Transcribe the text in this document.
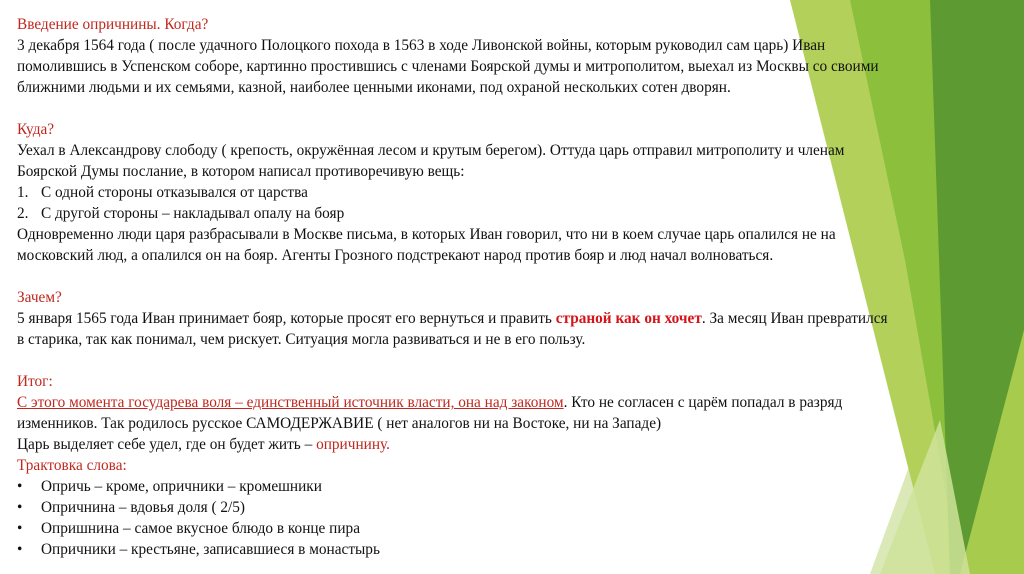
Введение опричнины. Когда?
3 декабря 1564 года ( после удачного Полоцкого похода в 1563 в ходе Ливонской войны, которым руководил сам царь) Иван
помолившись в Успенском соборе, картинно простившись с членами Боярской думы и митрополитом, выехал из Москвы со своими
ближними людьми и их семьями, казной, наиболее ценными иконами, под охраной нескольких сотен дворян.
Куда?
Уехал в Александрову слободу ( крепость, окружённая лесом и крутым берегом). Оттуда царь отправил митрополиту и членам
Боярской Думы послание, в котором написал противоречивую вещь:
1. С одной стороны отказывался от царства
2. С другой стороны – накладывал опалу на бояр
Одновременно люди царя разбрасывали в Москве письма, в которых Иван говорил, что ни в коем случае царь опалился не на
московский люд, а опалился он на бояр. Агенты Грозного подстрекают народ против бояр и люд начал волноваться.
Зачем?
5 января 1565 года Иван принимает бояр, которые просят его вернуться и править страной как он хочет. За месяц Иван превратился
в старика, так как понимал, чем рискует. Ситуация могла развиваться и не в его пользу.
Итог:
С этого момента государева воля – единственный источник власти, она над законом. Кто не согласен с царём попадал в разряд
изменников. Так родилось русское САМОДЕРЖАВИЕ ( нет аналогов ни на Востоке, ни на Западе)
Царь выделяет себе удел, где он будет жить – опричнину.
Трактовка слова:
• Опричь – кроме, опричники – кромешники
• Опричнина – вдовья доля ( 2/5)
• Опришнина – самое вкусное блюдо в конце пира
• Опричники – крестьяне, записавшиеся в монастырь
